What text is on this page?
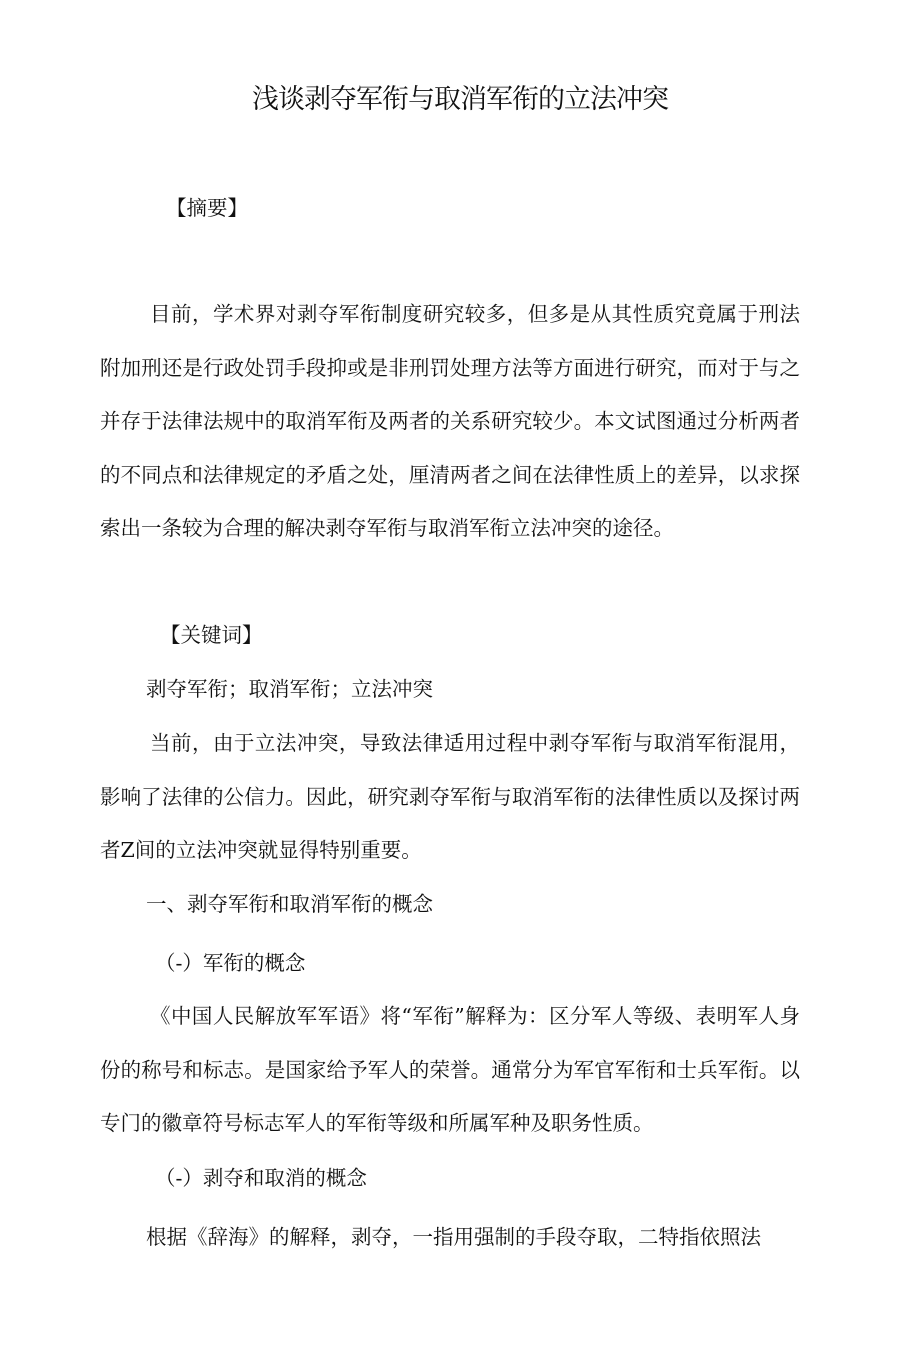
浅谈剥夺军衔与取消军衔的立法冲突
【摘要】
目前，学术界对剥夺军衔制度研究较多，但多是从其性质究竟属于刑法附加刑还是行政处罚手段抑或是非刑罚处理方法等方面进行研究，而对于与之并存于法律法规中的取消军衔及两者的关系研究较少。本文试图通过分析两者的不同点和法律规定的矛盾之处，厘清两者之间在法律性质上的差异，以求探索出一条较为合理的解决剥夺军衔与取消军衔立法冲突的途径。
【关键词】
剥夺军衔；取消军衔；立法冲突
当前，由于立法冲突，导致法律适用过程中剥夺军衔与取消军衔混用，影响了法律的公信力。因此，研究剥夺军衔与取消军衔的法律性质以及探讨两者Z间的立法冲突就显得特别重要。
一、剥夺军衔和取消军衔的概念
（-）军衔的概念
《中国人民解放军军语》将“军衔”解释为：区分军人等级、表明军人身份的称号和标志。是国家给予军人的荣誉。通常分为军官军衔和士兵军衔。以专门的徽章符号标志军人的军衔等级和所属军种及职务性质。
（-）剥夺和取消的概念
根据《辞海》的解释，剥夺，一指用强制的手段夺取，二特指依照法
